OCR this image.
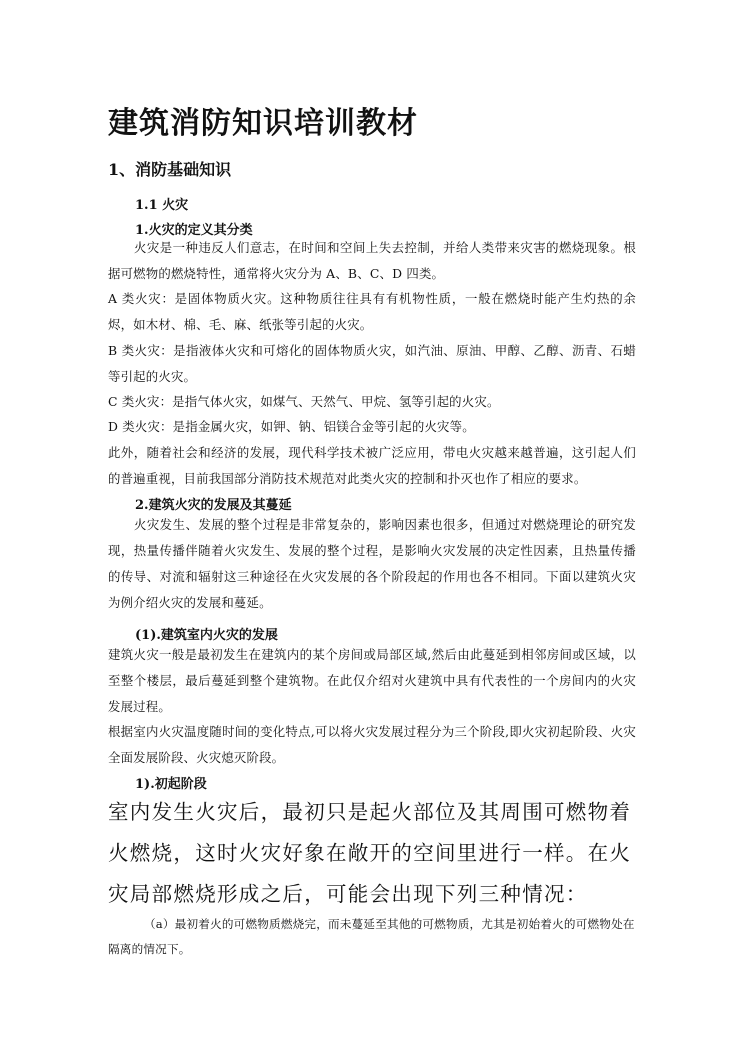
建筑消防知识培训教材
1、消防基础知识
1.1 火灾
1.火灾的定义其分类

火灾是一种违反人们意志，在时间和空间上失去控制，并给人类带来灾害的燃烧现象。根据可燃物的燃烧特性，通常将火灾分为 A、B、C、D 四类。

A 类火灾：是固体物质火灾。这种物质往往具有有机物性质，一般在燃烧时能产生灼热的余烬，如木材、棉、毛、麻、纸张等引起的火灾。

B 类火灾：是指液体火灾和可熔化的固体物质火灾，如汽油、原油、甲醇、乙醇、沥青、石蜡等引起的火灾。

C 类火灾：是指气体火灾，如煤气、天然气、甲烷、氢等引起的火灾。

D 类火灾：是指金属火灾，如钾、钠、铝镁合金等引起的火灾等。

此外，随着社会和经济的发展，现代科学技术被广泛应用，带电火灾越来越普遍，这引起人们的普遍重视，目前我国部分消防技术规范对此类火灾的控制和扑灭也作了相应的要求。

2.建筑火灾的发展及其蔓延

火灾发生、发展的整个过程是非常复杂的，影响因素也很多，但通过对燃烧理论的研究发现，热量传播伴随着火灾发生、发展的整个过程，是影响火灾发展的决定性因素，且热量传播的传导、对流和辐射这三种途径在火灾发展的各个阶段起的作用也各不相同。下面以建筑火灾为例介绍火灾的发展和蔓延。

(1).建筑室内火灾的发展

建筑火灾一般是最初发生在建筑内的某个房间或局部区域,然后由此蔓延到相邻房间或区域，以至整个楼层，最后蔓延到整个建筑物。在此仅介绍对火建筑中具有代表性的一个房间内的火灾发展过程。

根据室内火灾温度随时间的变化特点,可以将火灾发展过程分为三个阶段,即火灾初起阶段、火灾全面发展阶段、火灾熄灭阶段。

1).初起阶段

室内发生火灾后，最初只是起火部位及其周围可燃物着火燃烧，这时火灾好象在敞开的空间里进行一样。在火灾局部燃烧形成之后，可能会出现下列三种情况：

（a）最初着火的可燃物质燃烧完，而未蔓延至其他的可燃物质，尤其是初始着火的可燃物处在隔离的情况下。
